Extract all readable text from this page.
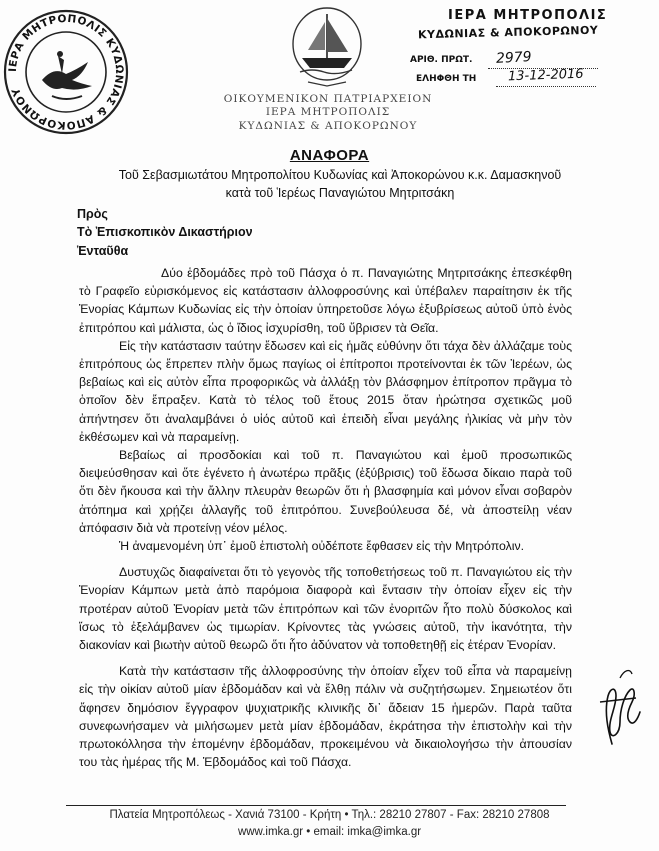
ΙΕΡΑ ΜΗΤΡΟΠΟΛΙΣ ΚΥΔΩΝΙΑΣ & ΑΠΟΚΟΡΩΝΟΥ
ΟΙΚΟΥΜΕΝΙΚΟΝ ΠΑΤΡΙΑΡΧΕΙΟΝ
ΙΕΡΑ ΜΗΤΡΟΠΟΛΙΣ
ΚΥΔΩΝΙΑΣ & ΑΠΟΚΟΡΩΝΟΥ
ΙΕΡΑ ΜΗΤΡΟΠΟΛΙΣ
ΚΥΔΩΝΙΑΣ & ΑΠΟΚΟΡΩΝΟΥ
ΑΡΙΘ. ΠΡΩΤ. 2979
ΕΛΗΦΘΗ ΤΗ 13-12-2016
ΑΝΑΦΟΡΑ
Τοῦ Σεβασμιωτάτου Μητροπολίτου Κυδωνίας καὶ Ἀποκορώνου κ.κ. Δαμασκηνοῦ
κατὰ τοῦ Ἱερέως Παναγιώτου Μητριτσάκη
Πρὸς
Τὸ Ἐπισκοπικὸν Δικαστήριον
Ἐνταῦθα

Δύο ἑβδομάδες πρὸ τοῦ Πάσχα ὁ π. Παναγιώτης Μητριτσάκης ἐπεσκέφθη τὸ Γραφεῖο εὑρισκόμενος εἰς κατάστασιν ἀλλοφροσύνης καὶ ὑπέβαλεν παραίτησιν ἐκ τῆς Ἐνορίας Κάμπων Κυδωνίας εἰς τὴν ὁποίαν ὑπηρετοῦσε λόγω ἐξυβρίσεως αὐτοῦ ὑπὸ ἑνὸς ἐπιτρόπου καὶ μάλιστα, ὡς ὁ ἴδιος ἰσχυρίσθη, τοῦ ὕβρισεν τὰ Θεῖα.

Εἰς τὴν κατάστασιν ταύτην ἔδωσεν καὶ εἰς ἡμᾶς εὐθύνην ὅτι τάχα δὲν ἀλλάζαμε τοὺς ἐπιτρόπους ὡς ἔπρεπεν πλὴν ὅμως παγίως οἱ ἐπίτροποι προτείνονται ἐκ τῶν Ἱερέων, ὡς βεβαίως καὶ εἰς αὐτὸν εἶπα προφορικῶς νὰ ἀλλάξῃ τὸν βλάσφημον ἐπίτροπον πρᾶγμα τὸ ὁποῖον δὲν ἔπραξεν. Κατὰ τὸ τέλος τοῦ ἔτους 2015 ὅταν ἠρώτησα σχετικῶς μοῦ ἀπήντησεν ὅτι ἀναλαμβάνει ὁ υἱός αὐτοῦ καὶ ἐπειδὴ εἶναι μεγάλης ἡλικίας νὰ μὴν τὸν ἐκθέσωμεν καὶ νὰ παραμείνῃ.

Βεβαίως αἱ προσδοκίαι καὶ τοῦ π. Παναγιώτου καὶ ἐμοῦ προσωπικῶς διεψεύσθησαν καὶ ὅτε ἐγένετο ἡ ἀνωτέρω πρᾶξις (ἐξύβρισις) τοῦ ἔδωσα δίκαιο παρὰ τοῦ ὅτι δὲν ἤκουσα καὶ τὴν ἄλλην πλευρὰν θεωρῶν ὅτι ἡ βλασφημία καὶ μόνον εἶναι σοβαρὸν ἀτόπημα καὶ χρῄζει ἀλλαγῆς τοῦ ἐπιτρόπου. Συνεβούλευσα δέ, νὰ ἀποστείλῃ νέαν ἀπόφασιν διὰ νὰ προτείνῃ νέον μέλος.

Ἡ ἀναμενομένη ὑπ᾽ ἐμοῦ ἐπιστολὴ οὐδέποτε ἔφθασεν εἰς τὴν Μητρόπολιν.

Δυστυχῶς διαφαίνεται ὅτι τὸ γεγονὸς τῆς τοποθετήσεως τοῦ π. Παναγιώτου εἰς τὴν Ἐνορίαν Κάμπων μετὰ ἀπὸ παρόμοια διαφορὰ καὶ ἔντασιν τὴν ὁποίαν εἶχεν εἰς τὴν προτέραν αὐτοῦ Ἐνορίαν μετὰ τῶν ἐπιτρόπων καὶ τῶν ἐνοριτῶν ἦτο πολὺ δύσκολος καὶ ἴσως τὸ ἐξελάμβανεν ὡς τιμωρίαν. Κρίνοντες τὰς γνώσεις αὐτοῦ, τὴν ἱκανότητα, τὴν διακονίαν καὶ βιωτὴν αὐτοῦ θεωρῶ ὅτι ἦτο ἀδύνατον νὰ τοποθετηθῇ εἰς ἑτέραν Ἐνορίαν.

Κατὰ τὴν κατάστασιν τῆς ἀλλοφροσύνης τὴν ὁποίαν εἶχεν τοῦ εἶπα νὰ παραμείνῃ εἰς τὴν οἰκίαν αὐτοῦ μίαν ἑβδομάδαν καὶ νὰ ἔλθῃ πάλιν νὰ συζητήσωμεν. Σημειωτέον ὅτι ἄφησεν δημόσιον ἔγγραφον ψυχιατρικῆς κλινικῆς δι᾽ ἄδειαν 15 ἡμερῶν. Παρὰ ταῦτα συνεφωνήσαμεν νὰ μιλήσωμεν μετὰ μίαν ἑβδομάδαν, ἐκράτησα τὴν ἐπιστολὴν καὶ τὴν πρωτοκόλλησα τὴν ἑπομένην ἑβδομάδαν, προκειμένου νὰ δικαιολογήσω τὴν ἀπουσίαν του τὰς ἡμέρας τῆς Μ. Ἑβδομάδος καὶ τοῦ Πάσχα.

Πλατεία Μητροπόλεως - Χανιά 73100 - Κρήτη • Τηλ.: 28210 27807 - Fax: 28210 27808
www.imka.gr • email: imka@imka.gr
